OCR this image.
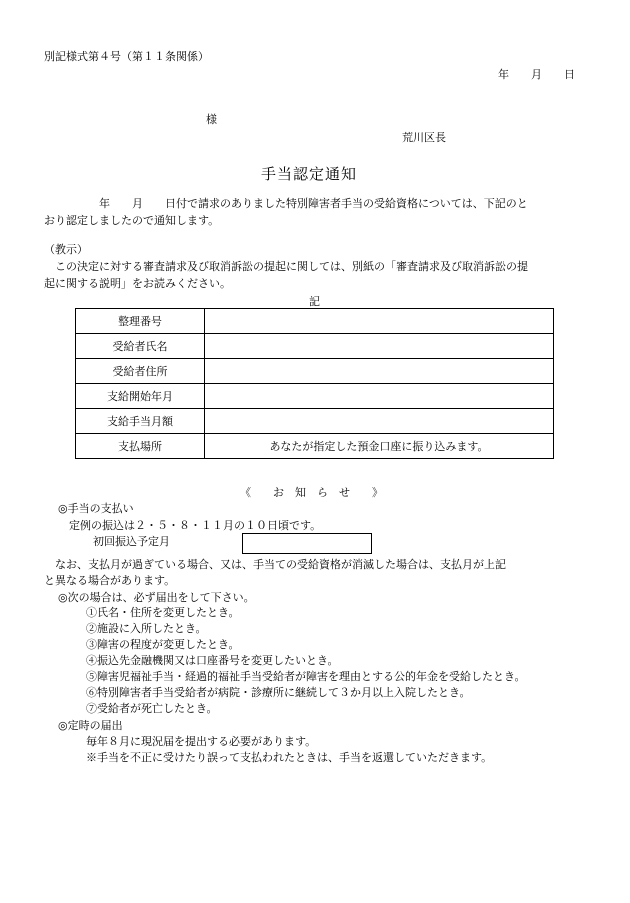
別記様式第４号（第１１条関係）
年　　月　　日
様
荒川区長
手当認定通知
　　　　　年　　月　　日付で請求のありました特別障害者手当の受給資格については、下記のと
おり認定しましたので通知します。
（教示）
　この決定に対する審査請求及び取消訴訟の提起に関しては、別紙の「審査請求及び取消訴訟の提
起に関する説明」をお読みください。
記
整理番号	
受給者氏名	
受給者住所	
支給開始年月	
支給手当月額	
支払場所	あなたが指定した預金口座に振り込みます。
《　　お　知　ら　せ　　》
◎手当の支払い
　定例の振込は２・５・８・１１月の１０日頃です。
初回振込予定月
　なお、支払月が過ぎている場合、又は、手当ての受給資格が消滅した場合は、支払月が上記
と異なる場合があります。
◎次の場合は、必ず届出をして下さい。
①氏名・住所を変更したとき。
②施設に入所したとき。
③障害の程度が変更したとき。
④振込先金融機関又は口座番号を変更したいとき。
⑤障害児福祉手当・経過的福祉手当受給者が障害を理由とする公的年金を受給したとき。
⑥特別障害者手当受給者が病院・診療所に継続して３か月以上入院したとき。
⑦受給者が死亡したとき。
◎定時の届出
毎年８月に現況届を提出する必要があります。
※手当を不正に受けたり誤って支払われたときは、手当を返還していただきます。
